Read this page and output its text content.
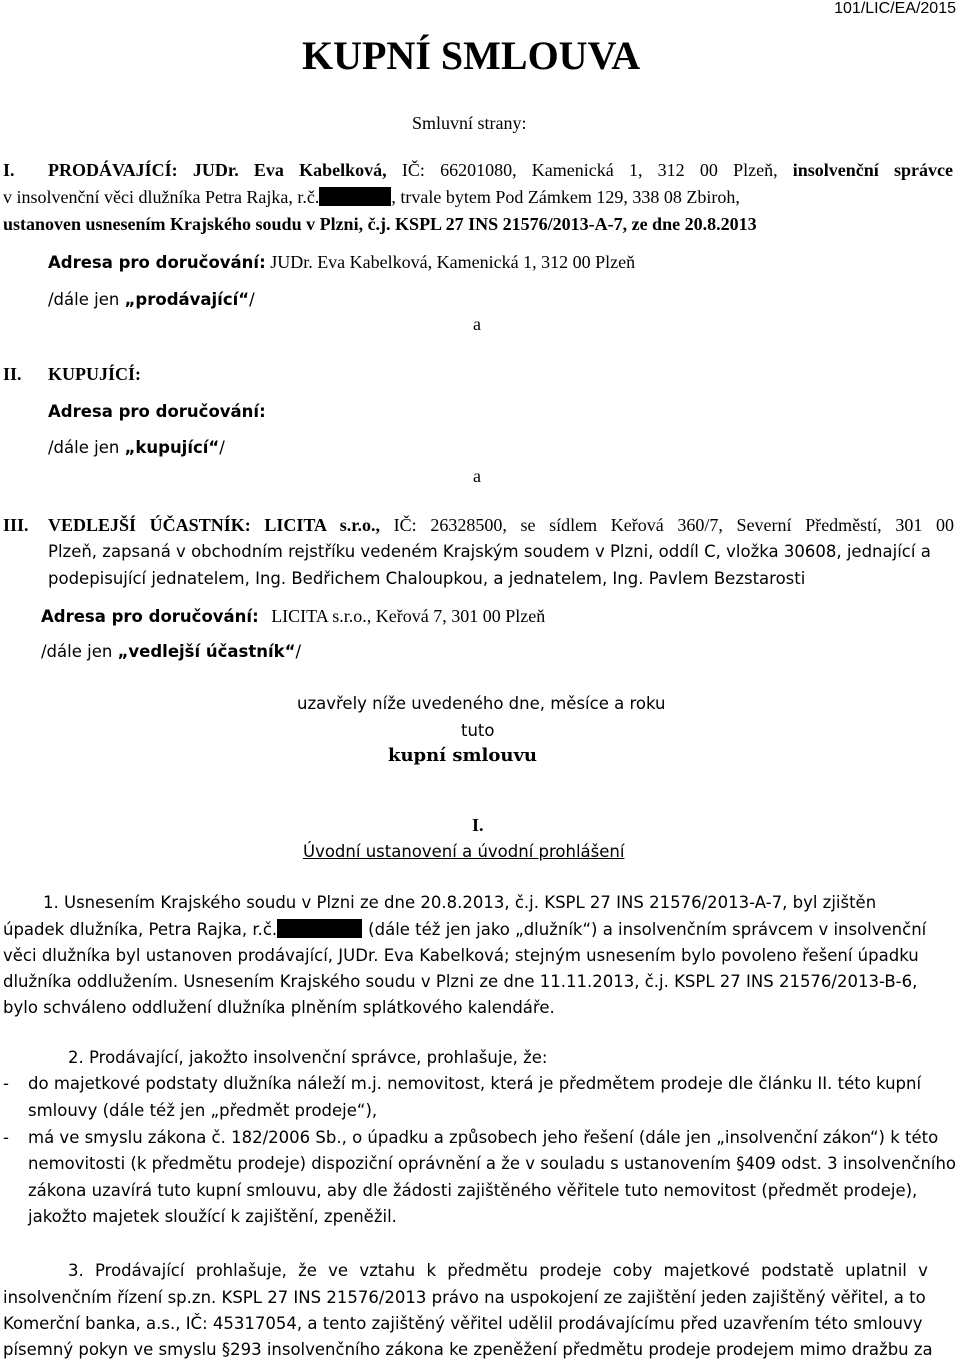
101/LIC/EA/2015
KUPNÍ SMLOUVA
Smluvní strany:
I. PRODÁVAJÍCÍ: JUDr. Eva Kabelková, IČ: 66201080, Kamenická 1, 312 00 Plzeň, insolvenční správce
v insolvenční věci dlužníka Petra Rajka, r.č.	, trvale bytem Pod Zámkem 129, 338 08 Zbiroh,
ustanoven usnesením Krajského soudu v Plzni, č.j. KSPL 27 INS 21576/2013-A-7, ze dne 20.8.2013
Adresa pro doručování: JUDr. Eva Kabelková, Kamenická 1, 312 00 Plzeň
/dále jen „prodávající“/
a
II. KUPUJÍCÍ:
Adresa pro doručování:
/dále jen „kupující“/
a
III. VEDLEJŠÍ ÚČASTNÍK: LICITA s.r.o., IČ: 26328500, se sídlem Keřová 360/7, Severní Předměstí, 301 00
Plzeň, zapsaná v obchodním rejstříku vedeném Krajským soudem v Plzni, oddíl C, vložka 30608, jednající a
podepisující jednatelem, Ing. Bedřichem Chaloupkou, a jednatelem, Ing. Pavlem Bezstarosti
Adresa pro doručování: LICITA s.r.o., Keřová 7, 301 00 Plzeň
/dále jen „vedlejší účastník“/
uzavřely níže uvedeného dne, měsíce a roku
tuto
kupní smlouvu
I.
Úvodní ustanovení a úvodní prohlášení
1. Usnesením Krajského soudu v Plzni ze dne 20.8.2013, č.j. KSPL 27 INS 21576/2013-A-7, byl zjištěn
úpadek dlužníka, Petra Rajka, r.č.	(dále též jen jako „dlužník“) a insolvenčním správcem v insolvenční
věci dlužníka byl ustanoven prodávající, JUDr. Eva Kabelková; stejným usnesením bylo povoleno řešení úpadku
dlužníka oddlužením. Usnesením Krajského soudu v Plzni ze dne 11.11.2013, č.j. KSPL 27 INS 21576/2013-B-6,
bylo schváleno oddlužení dlužníka plněním splátkového kalendáře.
2. Prodávající, jakožto insolvenční správce, prohlašuje, že:
- do majetkové podstaty dlužníka náleží m.j. nemovitost, která je předmětem prodeje dle článku II. této kupní
smlouvy (dále též jen „předmět prodeje“),
- má ve smyslu zákona č. 182/2006 Sb., o úpadku a způsobech jeho řešení (dále jen „insolvenční zákon“) k této
nemovitosti (k předmětu prodeje) dispoziční oprávnění a že v souladu s ustanovením §409 odst. 3 insolvenčního
zákona uzavírá tuto kupní smlouvu, aby dle žádosti zajištěného věřitele tuto nemovitost (předmět prodeje),
jakožto majetek sloužící k zajištění, zpeněžil.
3. Prodávající prohlašuje, že ve vztahu k předmětu prodeje coby majetkové podstatě uplatnil v
insolvenčním řízení sp.zn. KSPL 27 INS 21576/2013 právo na uspokojení ze zajištění jeden zajištěný věřitel, a to
Komerční banka, a.s., IČ: 45317054, a tento zajištěný věřitel udělil prodávajícímu před uzavřením této smlouvy
písemný pokyn ve smyslu §293 insolvenčního zákona ke zpeněžení předmětu prodeje prodejem mimo dražbu za
